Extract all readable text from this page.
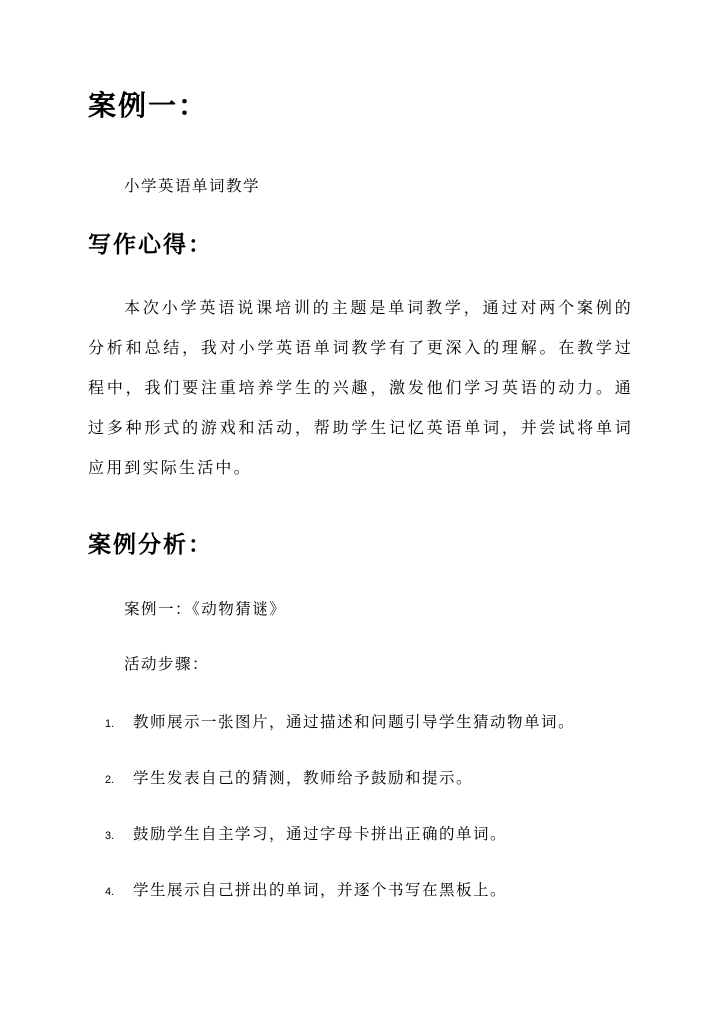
案例一：
小学英语单词教学
写作心得：
本次小学英语说课培训的主题是单词教学，通过对两个案例的分析和总结，我对小学英语单词教学有了更深入的理解。在教学过程中，我们要注重培养学生的兴趣，激发他们学习英语的动力。通过多种形式的游戏和活动，帮助学生记忆英语单词，并尝试将单词应用到实际生活中。
案例分析：
案例一：《动物猜谜》
活动步骤：
1. 教师展示一张图片，通过描述和问题引导学生猜动物单词。
2. 学生发表自己的猜测，教师给予鼓励和提示。
3. 鼓励学生自主学习，通过字母卡拼出正确的单词。
4. 学生展示自己拼出的单词，并逐个书写在黑板上。
